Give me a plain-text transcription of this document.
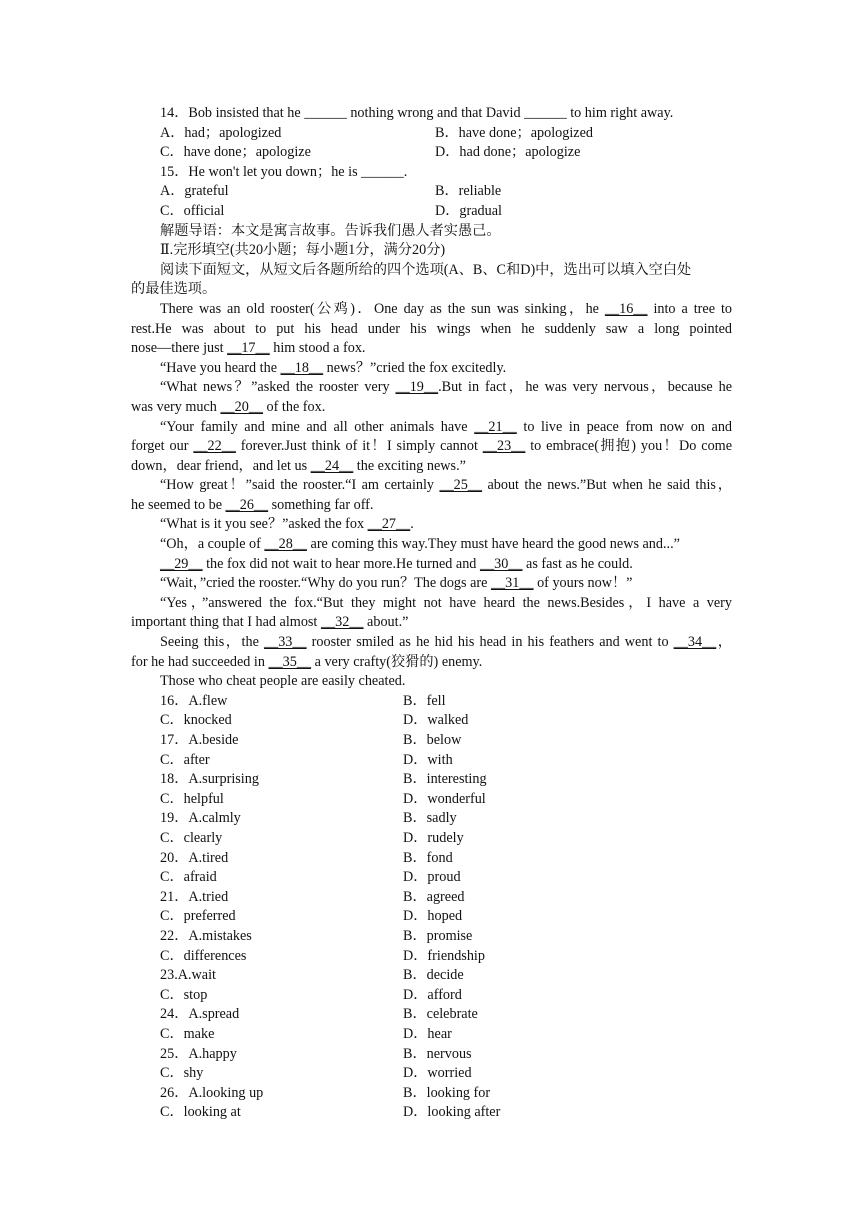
14．Bob insisted that he ______ nothing wrong and that David ______ to him right away.
A．had；apologized	B．have done；apologized
C．have done；apologize	D．had done；apologize
15．He won't let you down；he is ______.
A．grateful	B．reliable
C．official	D．gradual
解题导语：本文是寓言故事。告诉我们愚人者实愚己。
Ⅱ.完形填空(共20小题；每小题1分，满分20分)
阅读下面短文，从短文后各题所给的四个选项(A、B、C和D)中，选出可以填入空白处
的最佳选项。
There was an old rooster(公鸡)．One day as the sun was sinking，he __16__ into a tree to
rest.He was about to put his head under his wings when he suddenly saw a long pointed
nose—there just __17__ him stood a fox.
“Have you heard the __18__ news？”cried the fox excitedly.
“What news？”asked the rooster very __19__.But in fact，he was very nervous，because he
was very much __20__ of the fox.
“Your family and mine and all other animals have __21__ to live in peace from now on and
forget our __22__ forever.Just think of it！I simply cannot __23__ to embrace(拥抱) you！Do come
down，dear friend，and let us __24__ the exciting news.”
“How great！”said the rooster.“I am certainly __25__ about the news.”But when he said this，
he seemed to be __26__ something far off.
“What is it you see？”asked the fox __27__.
“Oh，a couple of __28__ are coming this way.They must have heard the good news and...”
__29__ the fox did not wait to hear more.He turned and __30__ as fast as he could.
“Wait，”cried the rooster.“Why do you run？The dogs are __31__ of yours now！”
“Yes，”answered the fox.“But they might not have heard the news.Besides，I have a very
important thing that I had almost __32__ about.”
Seeing this，the __33__ rooster smiled as he hid his head in his feathers and went to __34__，
for he had succeeded in __35__ a very crafty(狡猾的) enemy.
Those who cheat people are easily cheated.
16．A.flew	B．fell
C．knocked	D．walked
17．A.beside	B．below
C．after	D．with
18．A.surprising	B．interesting
C．helpful	D．wonderful
19．A.calmly	B．sadly
C．clearly	D．rudely
20．A.tired	B．fond
C．afraid	D．proud
21．A.tried	B．agreed
C．preferred	D．hoped
22．A.mistakes	B．promise
C．differences	D．friendship
23.A.wait	B．decide
C．stop	D．afford
24．A.spread	B．celebrate
C．make	D．hear
25．A.happy	B．nervous
C．shy	D．worried
26．A.looking up	B．looking for
C．looking at	D．looking after
